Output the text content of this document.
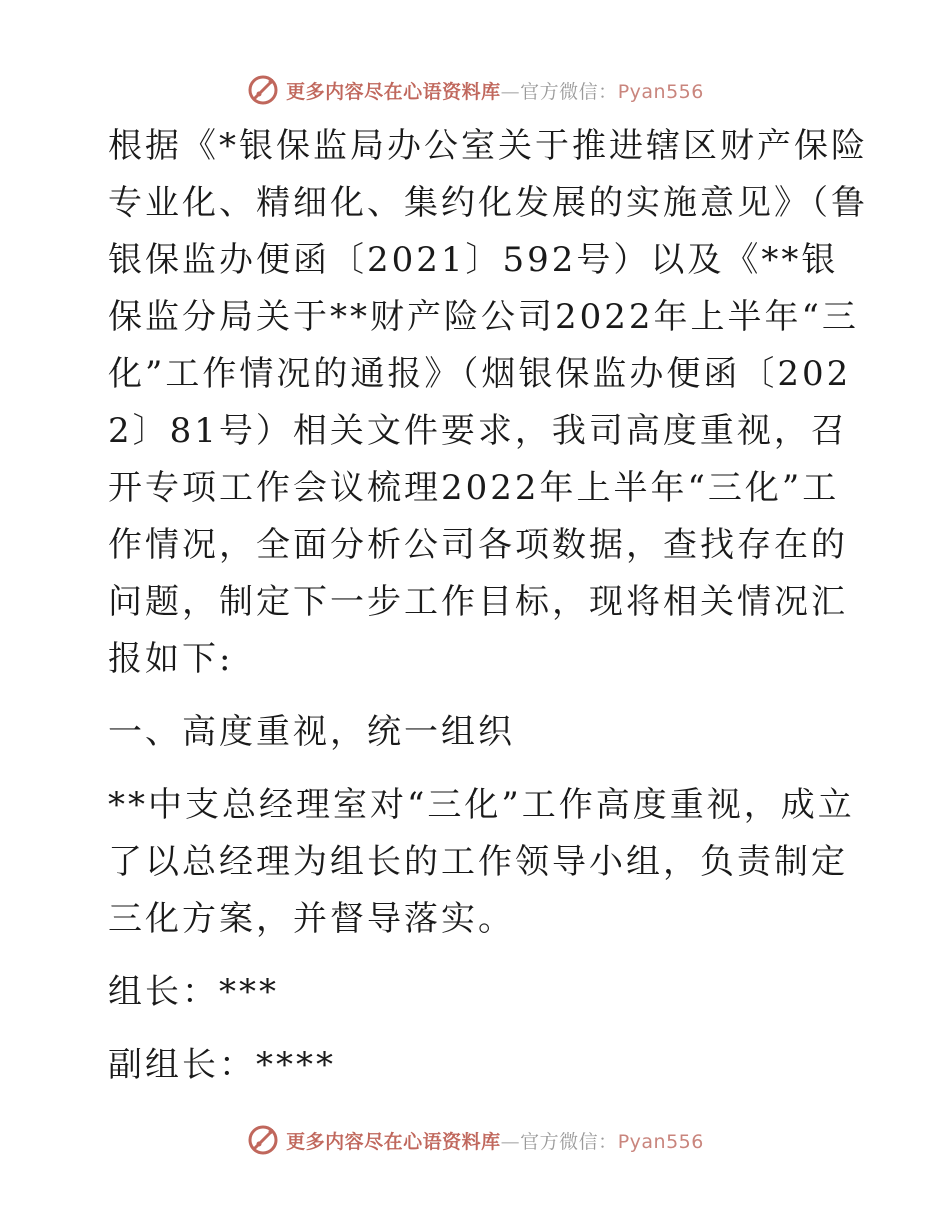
更多内容尽在心语资料库—官方微信：Pyan556

根据《*银保监局办公室关于推进辖区财产保险专业化、精细化、集约化发展的实施意见》（鲁银保监办便函〔2021〕592号）以及《**银保监分局关于**财产险公司2022年上半年“三化”工作情况的通报》（烟银保监办便函〔2022〕81号）相关文件要求，我司高度重视，召开专项工作会议梳理2022年上半年“三化”工作情况，全面分析公司各项数据，查找存在的问题，制定下一步工作目标，现将相关情况汇报如下:

一、高度重视，统一组织

**中支总经理室对“三化”工作高度重视，成立了以总经理为组长的工作领导小组，负责制定三化方案，并督导落实。

组长：***

副组长：****

更多内容尽在心语资料库—官方微信：Pyan556
